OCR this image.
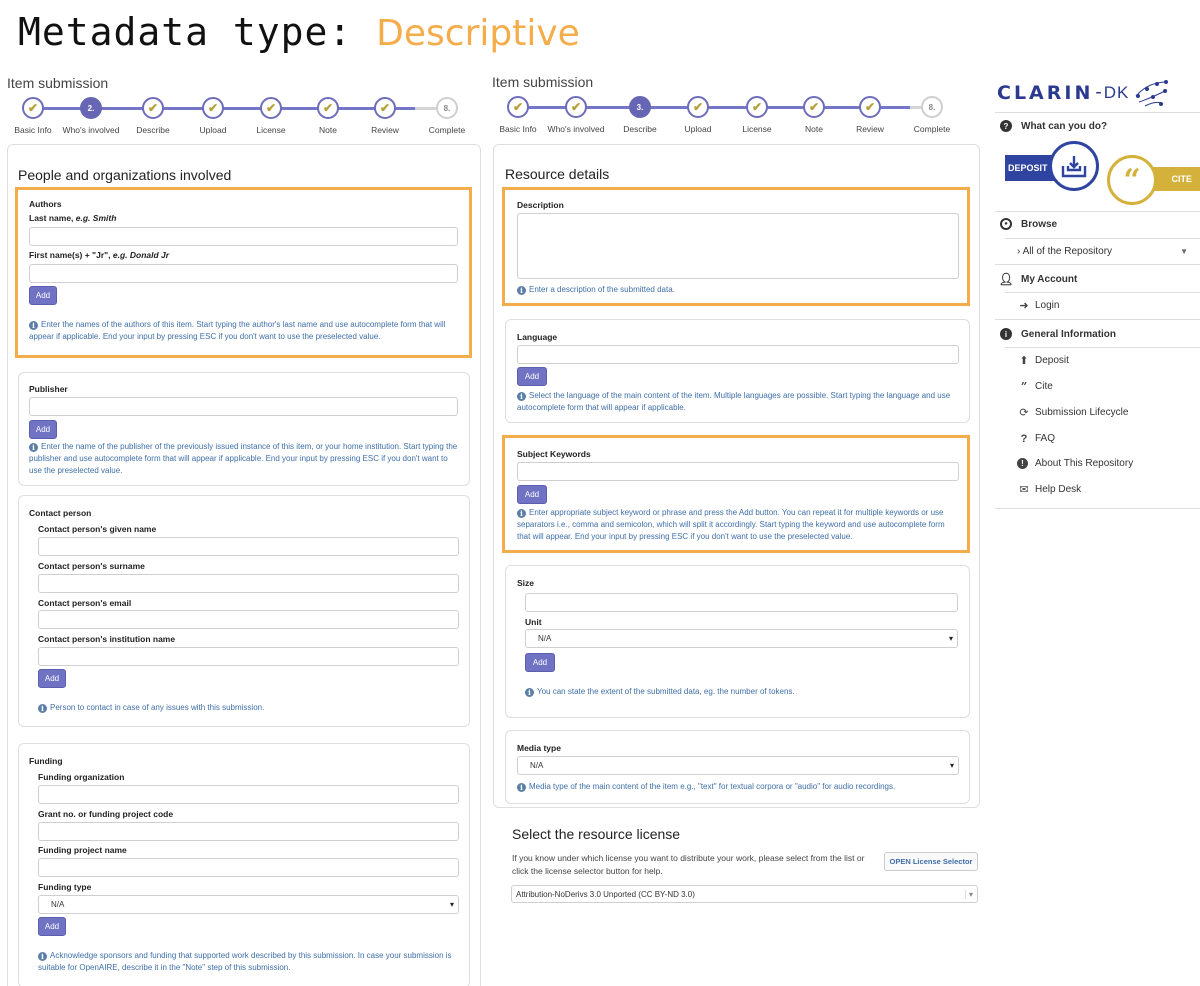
Metadata type: Descriptive
Item submission
✔
Basic Info
2.
Who's involved
✔
Describe
✔
Upload
✔
License
✔
Note
✔
Review
8.
Complete
People and organizations involved
Authors
Last name, e.g. Smith
First name(s) + "Jr", e.g. Donald Jr
Add
i Enter the names of the authors of this item. Start typing the author's last name and use autocomplete form that will appear if applicable. End your input by pressing ESC if you don't want to use the preselected value.
Publisher
Add
i Enter the name of the publisher of the previously issued instance of this item, or your home institution. Start typing the publisher and use autocomplete form that will appear if applicable. End your input by pressing ESC if you don't want to use the preselected value.
Contact person
Contact person's given name
Contact person's surname
Contact person's email
Contact person's institution name
Add
i Person to contact in case of any issues with this submission.
Funding
Funding organization
Grant no. or funding project code
Funding project name
Funding type
N/A	▾
Add
i Acknowledge sponsors and funding that supported work described by this submission. In case your submission is suitable for OpenAIRE, describe it in the "Note" step of this submission.
Item submission
✔
Basic Info
✔
Who's involved
3.
Describe
✔
Upload
✔
License
✔
Note
✔
Review
8.
Complete
Resource details
Description
i Enter a description of the submitted data.
Language
Add
i Select the language of the main content of the item. Multiple languages are possible. Start typing the language and use autocomplete form that will appear if applicable.
Subject Keywords
Add
i Enter appropriate subject keyword or phrase and press the Add button. You can repeat it for multiple keywords or use separators i.e., comma and semicolon, which will split it accordingly. Start typing the keyword and use autocomplete form that will appear. End your input by pressing ESC if you don't want to use the preselected value.
Size
Unit
N/A	▾
Add
i You can state the extent of the submitted data, eg. the number of tokens.
Media type
N/A	▾
i Media type of the main content of the item e.g., "text" for textual corpora or "audio" for audio recordings.
Select the resource license
If you know under which license you want to distribute your work, please select from the list or click the license selector button for help.
OPEN License Selector
Attribution-NoDerivs 3.0 Unported (CC BY-ND 3.0)	▾
CLARIN - DK
?	What can you do?
DEPOSIT
CITE
“
●	Browse
› All of the Repository	▼
👤︎ My Account
➜ Login
i	General Information
⬆ Deposit
” Cite
⟳ Submission Lifecycle
? FAQ
!	About This Repository
✉ Help Desk
